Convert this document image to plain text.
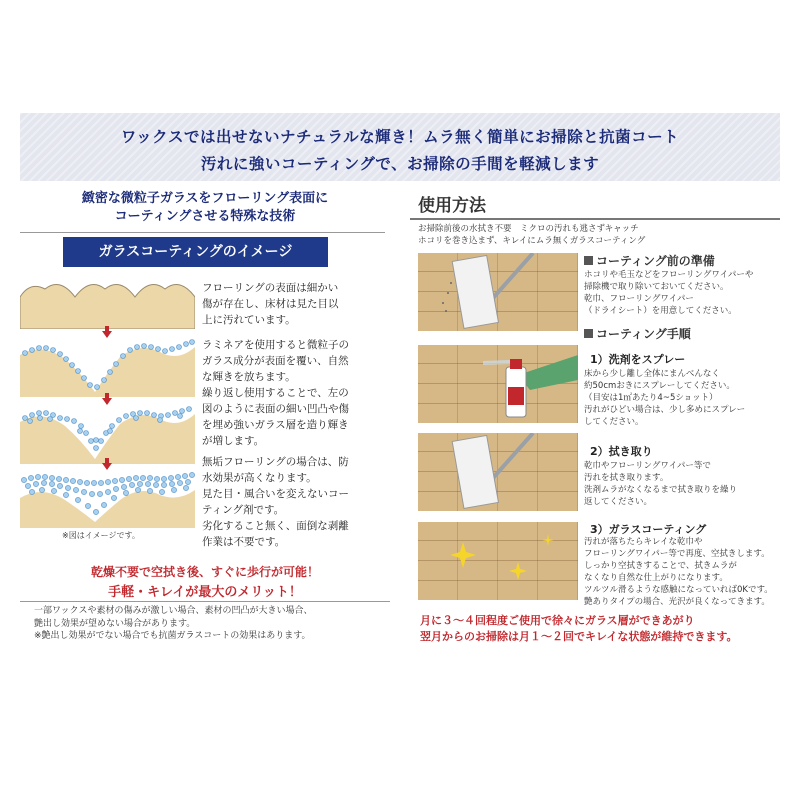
ワックスでは出せないナチュラルな輝き！ムラ無く簡単にお掃除と抗菌コート
汚れに強いコーティングで、お掃除の手間を軽減します
緻密な微粒子ガラスをフローリング表面に
コーティングさせる特殊な技術
ガラスコーティングのイメージ
フローリングの表面は細かい
傷が存在し、床材は見た目以
上に汚れています。
ラミネアを使用すると微粒子の
ガラス成分が表面を覆い、自然
な輝きを放ちます。
繰り返し使用することで、左の
図のように表面の細い凹凸や傷
を埋め強いガラス層を造り輝き
が増します。
無垢フローリングの場合は、防
水効果が高くなります。
見た目・風合いを変えないコー
ティング剤です。
劣化すること無く、面倒な剥離
作業は不要です。
※図はイメージです。
乾燥不要で空拭き後、すぐに歩行が可能！
手軽・キレイが最大のメリット！
一部ワックスや素材の傷みが激しい場合、素材の凹凸が大きい場合、
艶出し効果が望めない場合があります。
※艶出し効果がでない場合でも抗菌ガラスコートの効果はあります。
使用方法
お掃除前後の水拭き不要　ミクロの汚れも逃さずキャッチ
ホコリを巻き込まず、キレイにムラ無くガラスコーティング
コーティング前の準備
ホコリや毛玉などをフローリングワイパーや
掃除機で取り除いておいてください。
乾巾、フローリングワイパー
（ドライシート）を用意してください。
コーティング手順
1）洗剤をスプレー
床から少し離し全体にまんべんなく
約50cmおきにスプレーしてください。
（目安は1㎡あたり4~5ショット）
汚れがひどい場合は、少し多めにスプレー
してください。
2）拭き取り
乾巾やフローリングワイパー等で
汚れを拭き取ります。
洗剤ムラがなくなるまで拭き取りを繰り
返してください。
3）ガラスコーティング
汚れが落ちたらキレイな乾巾や
フローリングワイパー等で再度、空拭きします。
しっかり空拭きすることで、拭きムラが
なくなり自然な仕上がりになります。
ツルツル滑るような感触になっていれば0Kです。
艶ありタイプの場合、光沢が良くなってきます。
月に３～４回程度ご使用で徐々にガラス層ができあがり
翌月からのお掃除は月１～２回でキレイな状態が維持できます。
